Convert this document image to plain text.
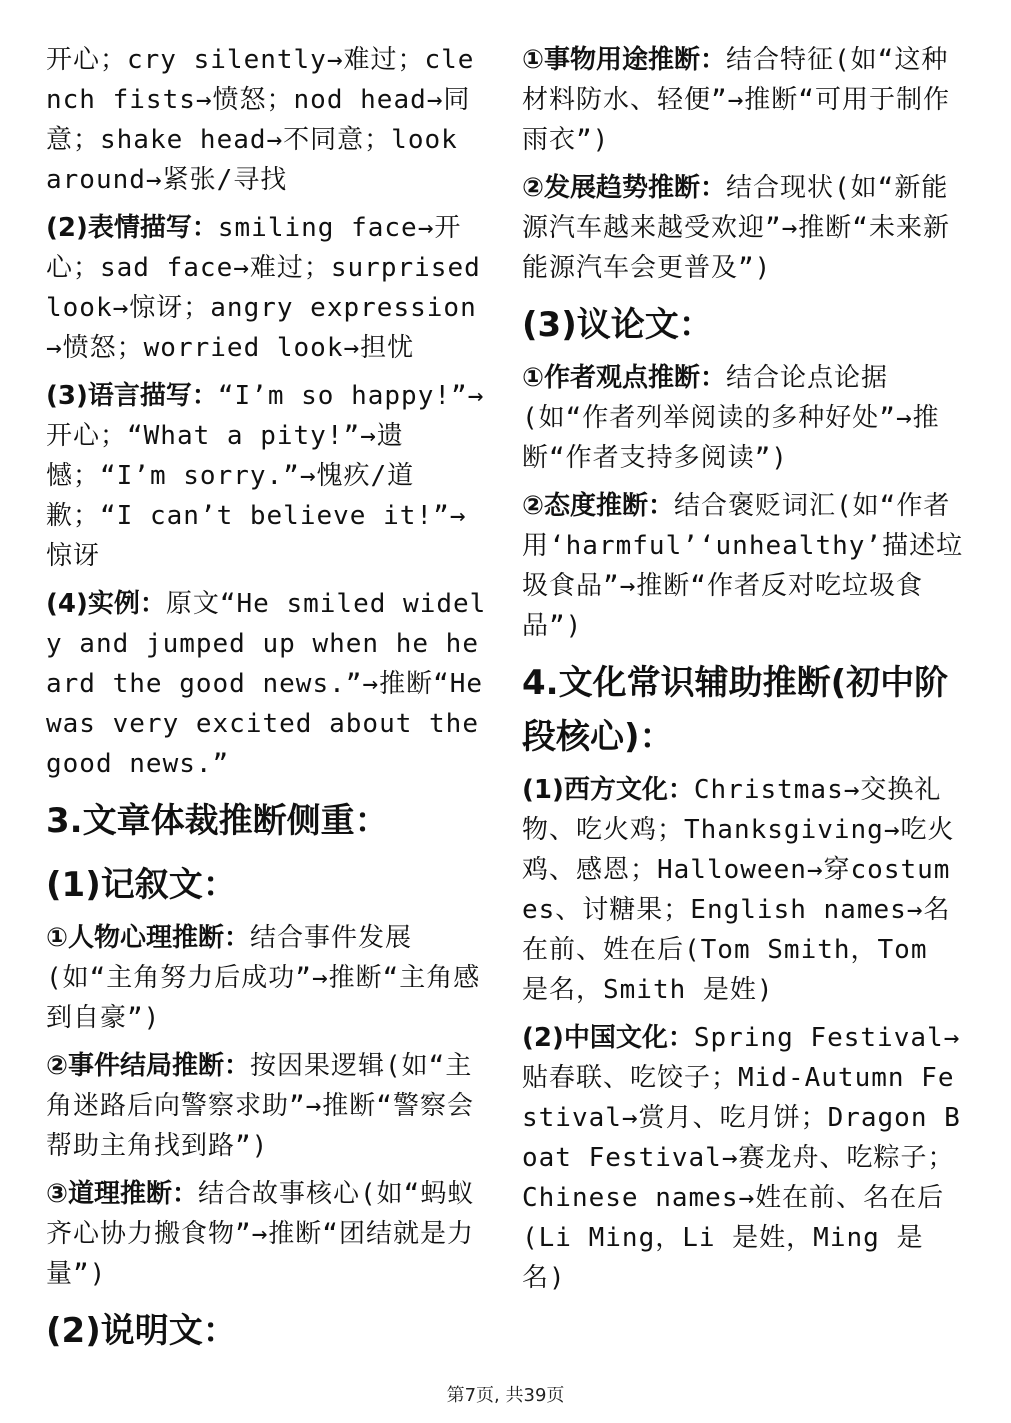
开心；cry silently→难过；clench fists→愤怒；nod head→同意；shake head→不同意；look around→紧张/寻找

(2)表情描写：smiling face→开心；sad face→难过；surprised look→惊讶；angry expression→愤怒；worried look→担忧

(3)语言描写：“I’m so happy!”→开心；“What a pity!”→遗憾；“I’m sorry.”→愧疚/道歉；“I can’t believe it!”→惊讶

(4)实例：原文“He smiled widely and jumped up when he heard the good news.”→推断“He was very excited about the good news.”

3.文章体裁推断侧重：
(1)记叙文：

①人物心理推断：结合事件发展(如“主角努力后成功”→推断“主角感到自豪”)

②事件结局推断：按因果逻辑(如“主角迷路后向警察求助”→推断“警察会帮助主角找到路”)

③道理推断：结合故事核心(如“蚂蚁齐心协力搬食物”→推断“团结就是力量”)

(2)说明文：

①事物用途推断：结合特征(如“这种材料防水、轻便”→推断“可用于制作雨衣”)

②发展趋势推断：结合现状(如“新能源汽车越来越受欢迎”→推断“未来新能源汽车会更普及”)

(3)议论文：

①作者观点推断：结合论点论据(如“作者列举阅读的多种好处”→推断“作者支持多阅读”)

②态度推断：结合褒贬词汇(如“作者用‘harmful’‘unhealthy’描述垃圾食品”→推断“作者反对吃垃圾食品”)

4.文化常识辅助推断(初中阶段核心)：

(1)西方文化：Christmas→交换礼物、吃火鸡；Thanksgiving→吃火鸡、感恩；Halloween→穿costumes、讨糖果；English names→名在前、姓在后(Tom Smith，Tom 是名，Smith 是姓)

(2)中国文化：Spring Festival→贴春联、吃饺子；Mid-Autumn Festival→赏月、吃月饼；Dragon Boat Festival→赛龙舟、吃粽子；Chinese names→姓在前、名在后(Li Ming，Li 是姓，Ming 是名)

第7页, 共39页
